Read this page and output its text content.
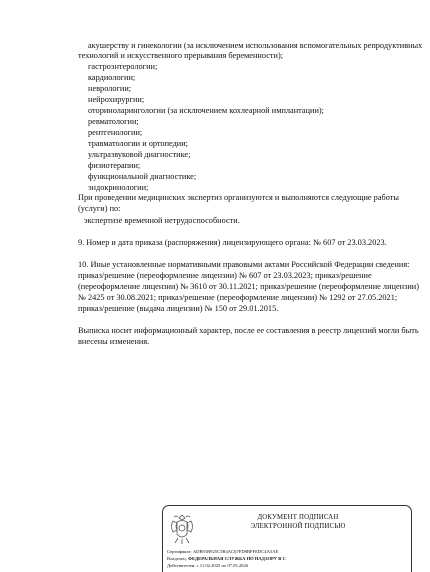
акушерству и гинекологии (за исключением использования вспомогательных репродуктивных
технологий и искусственного прерывания беременности);
гастроэнтерологии;
кардиологии;
неврологии;
нейрохирургии;
оториноларингологии (за исключением кохлеарной имплантации);
ревматологии;
рентгенологии;
травматологии и ортопедии;
ультразвуковой диагностике;
физиотерапии;
функциональной диагностике;
эндокринологии;
При проведении медицинских экспертиз организуются и выполняются следующие работы
(услуги) по:
экспертизе временной нетрудоспособности.
9. Номер и дата приказа (распоряжения) лицензирующего органа: № 607 от 23.03.2023.
10. Иные установленные нормативными правовыми актами Российской Федерации сведения:
приказ/решение (переоформление лицензии) № 607 от 23.03.2023; приказ/решение
(переоформление лицензии) № 3610 от 30.11.2021; приказ/решение (переоформление лицензии)
№ 2425 от 30.08.2021; приказ/решение (переоформление лицензии) № 1292 от 27.05.2021;
приказ/решение (выдача лицензии) № 150 от 29.01.2015.
Выписка носит информационный характер, после ее составления в реестр лицензий могли быть
внесены изменения.
ДОКУМЕНТ ПОДПИСАН
ЭЛЕКТРОННОЙ ПОДПИСЬЮ
Сертификат: ADB91B925C5B4AC67FD8BFFEDC4A5AE
Владелец: ФЕДЕРАЛЬНАЯ СЛУЖБА ПО НАДЗОРУ В С
Действителен: с 11.02.2025 по 07.05.2026
